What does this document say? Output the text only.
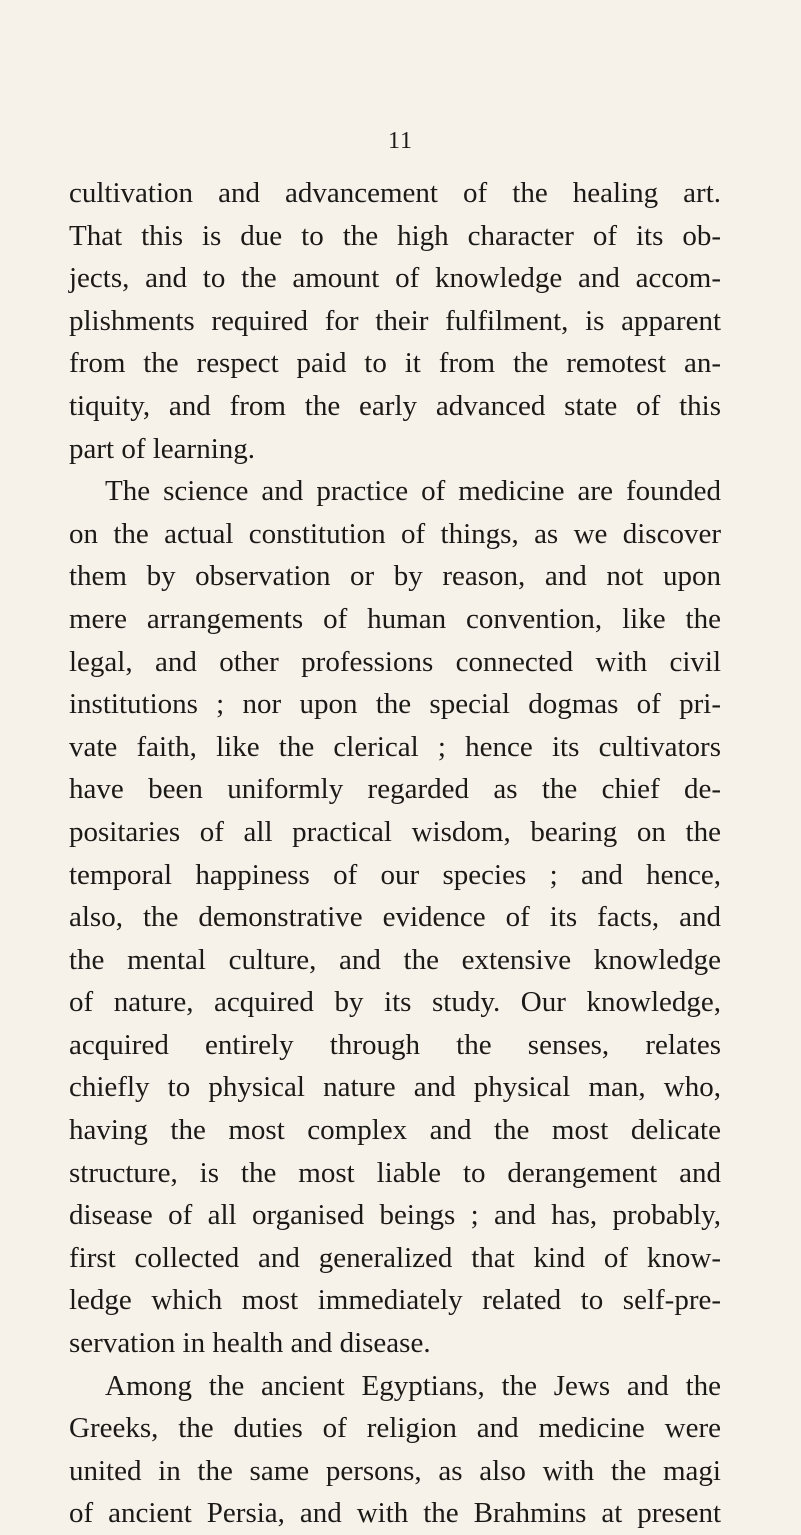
11
cultivation and advancement of the healing art.
That this is due to the high character of its ob-
jects, and to the amount of knowledge and accom-
plishments required for their fulfilment, is apparent
from the respect paid to it from the remotest an-
tiquity, and from the early advanced state of this
part of learning.
The science and practice of medicine are founded
on the actual constitution of things, as we discover
them by observation or by reason, and not upon
mere arrangements of human convention, like the
legal, and other professions connected with civil
institutions ; nor upon the special dogmas of pri-
vate faith, like the clerical ; hence its cultivators
have been uniformly regarded as the chief de-
positaries of all practical wisdom, bearing on the
temporal happiness of our species ; and hence,
also, the demonstrative evidence of its facts, and
the mental culture, and the extensive knowledge
of nature, acquired by its study. Our knowledge,
acquired entirely through the senses, relates
chiefly to physical nature and physical man, who,
having the most complex and the most delicate
structure, is the most liable to derangement and
disease of all organised beings ; and has, probably,
first collected and generalized that kind of know-
ledge which most immediately related to self-pre-
servation in health and disease.
Among the ancient Egyptians, the Jews and the
Greeks, the duties of religion and medicine were
united in the same persons, as also with the magi
of ancient Persia, and with the Brahmins at present
